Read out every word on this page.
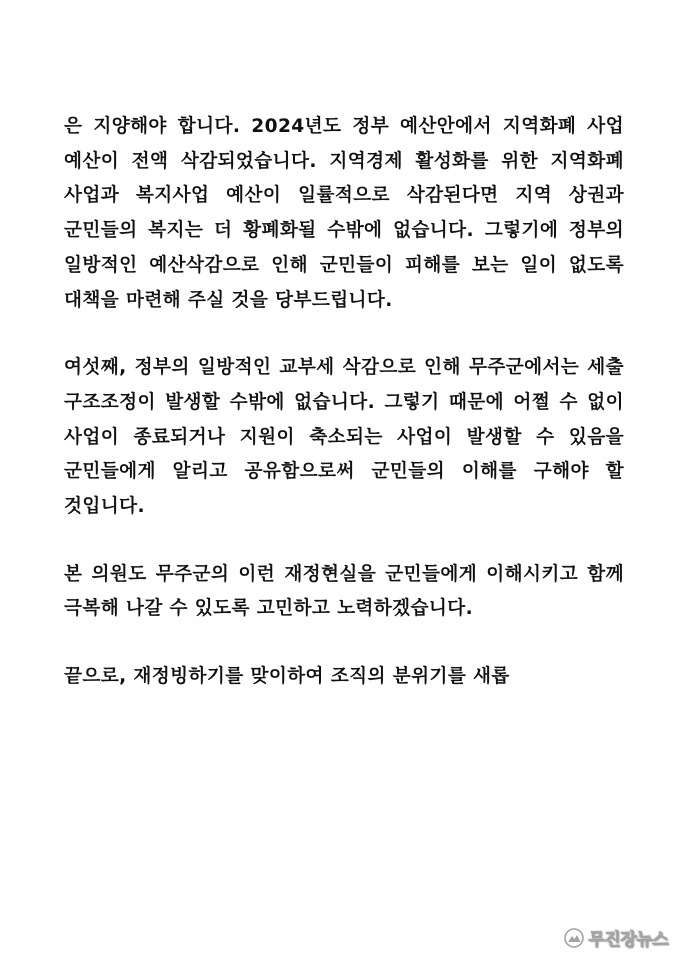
은 지양해야 합니다. 2024년도 정부 예산안에서 지역화폐 사업 예산이 전액 삭감되었습니다. 지역경제 활성화를 위한 지역화폐 사업과 복지사업 예산이 일률적으로 삭감된다면 지역 상권과 군민들의 복지는 더 황폐화될 수밖에 없습니다. 그렇기에 정부의 일방적인 예산삭감으로 인해 군민들이 피해를 보는 일이 없도록 대책을 마련해 주실 것을 당부드립니다.

여섯째, 정부의 일방적인 교부세 삭감으로 인해 무주군에서는 세출 구조조정이 발생할 수밖에 없습니다. 그렇기 때문에 어쩔 수 없이 사업이 종료되거나 지원이 축소되는 사업이 발생할 수 있음을 군민들에게 알리고 공유함으로써 군민들의 이해를 구해야 할 것입니다.

본 의원도 무주군의 이런 재정현실을 군민들에게 이해시키고 함께 극복해 나갈 수 있도록 고민하고 노력하겠습니다.

끝으로, 재정빙하기를 맞이하여 조직의 분위기를 새롭

무진장뉴스
